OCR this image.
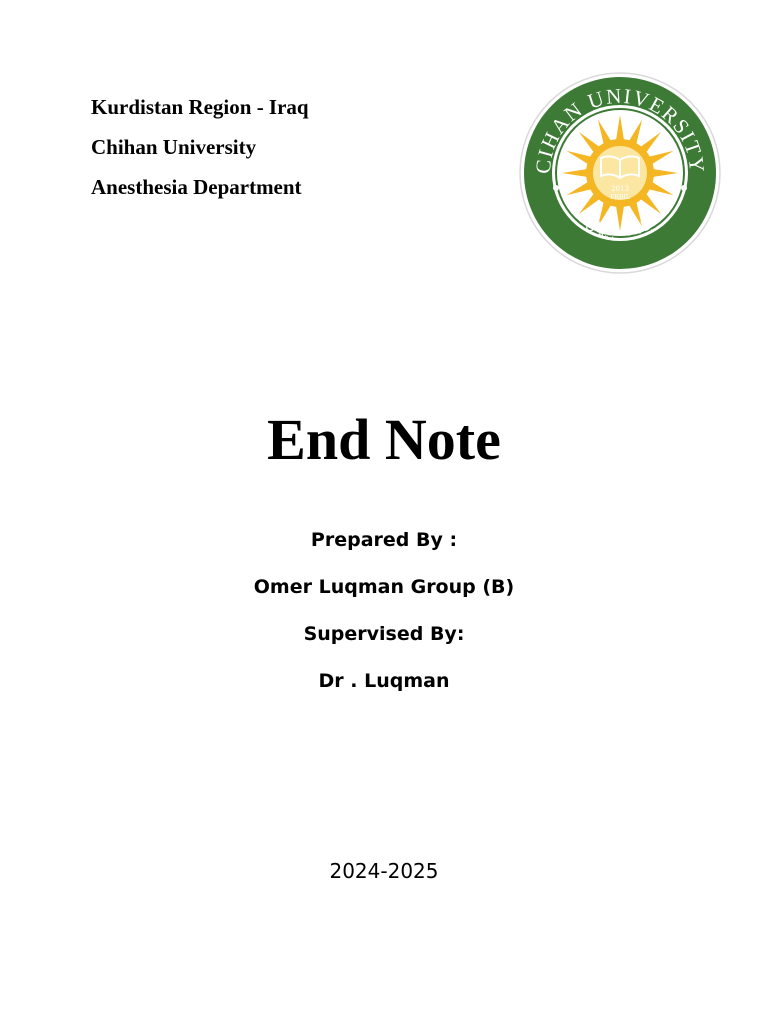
Kurdistan Region - Iraq
Chihan University
Anesthesia Department	2013
ERBIL
CIHAN UNIVERSITY
جامعة جيهان
End Note
Prepared By :
Omer Luqman Group (B)
Supervised By:
Dr . Luqman
2024-2025
